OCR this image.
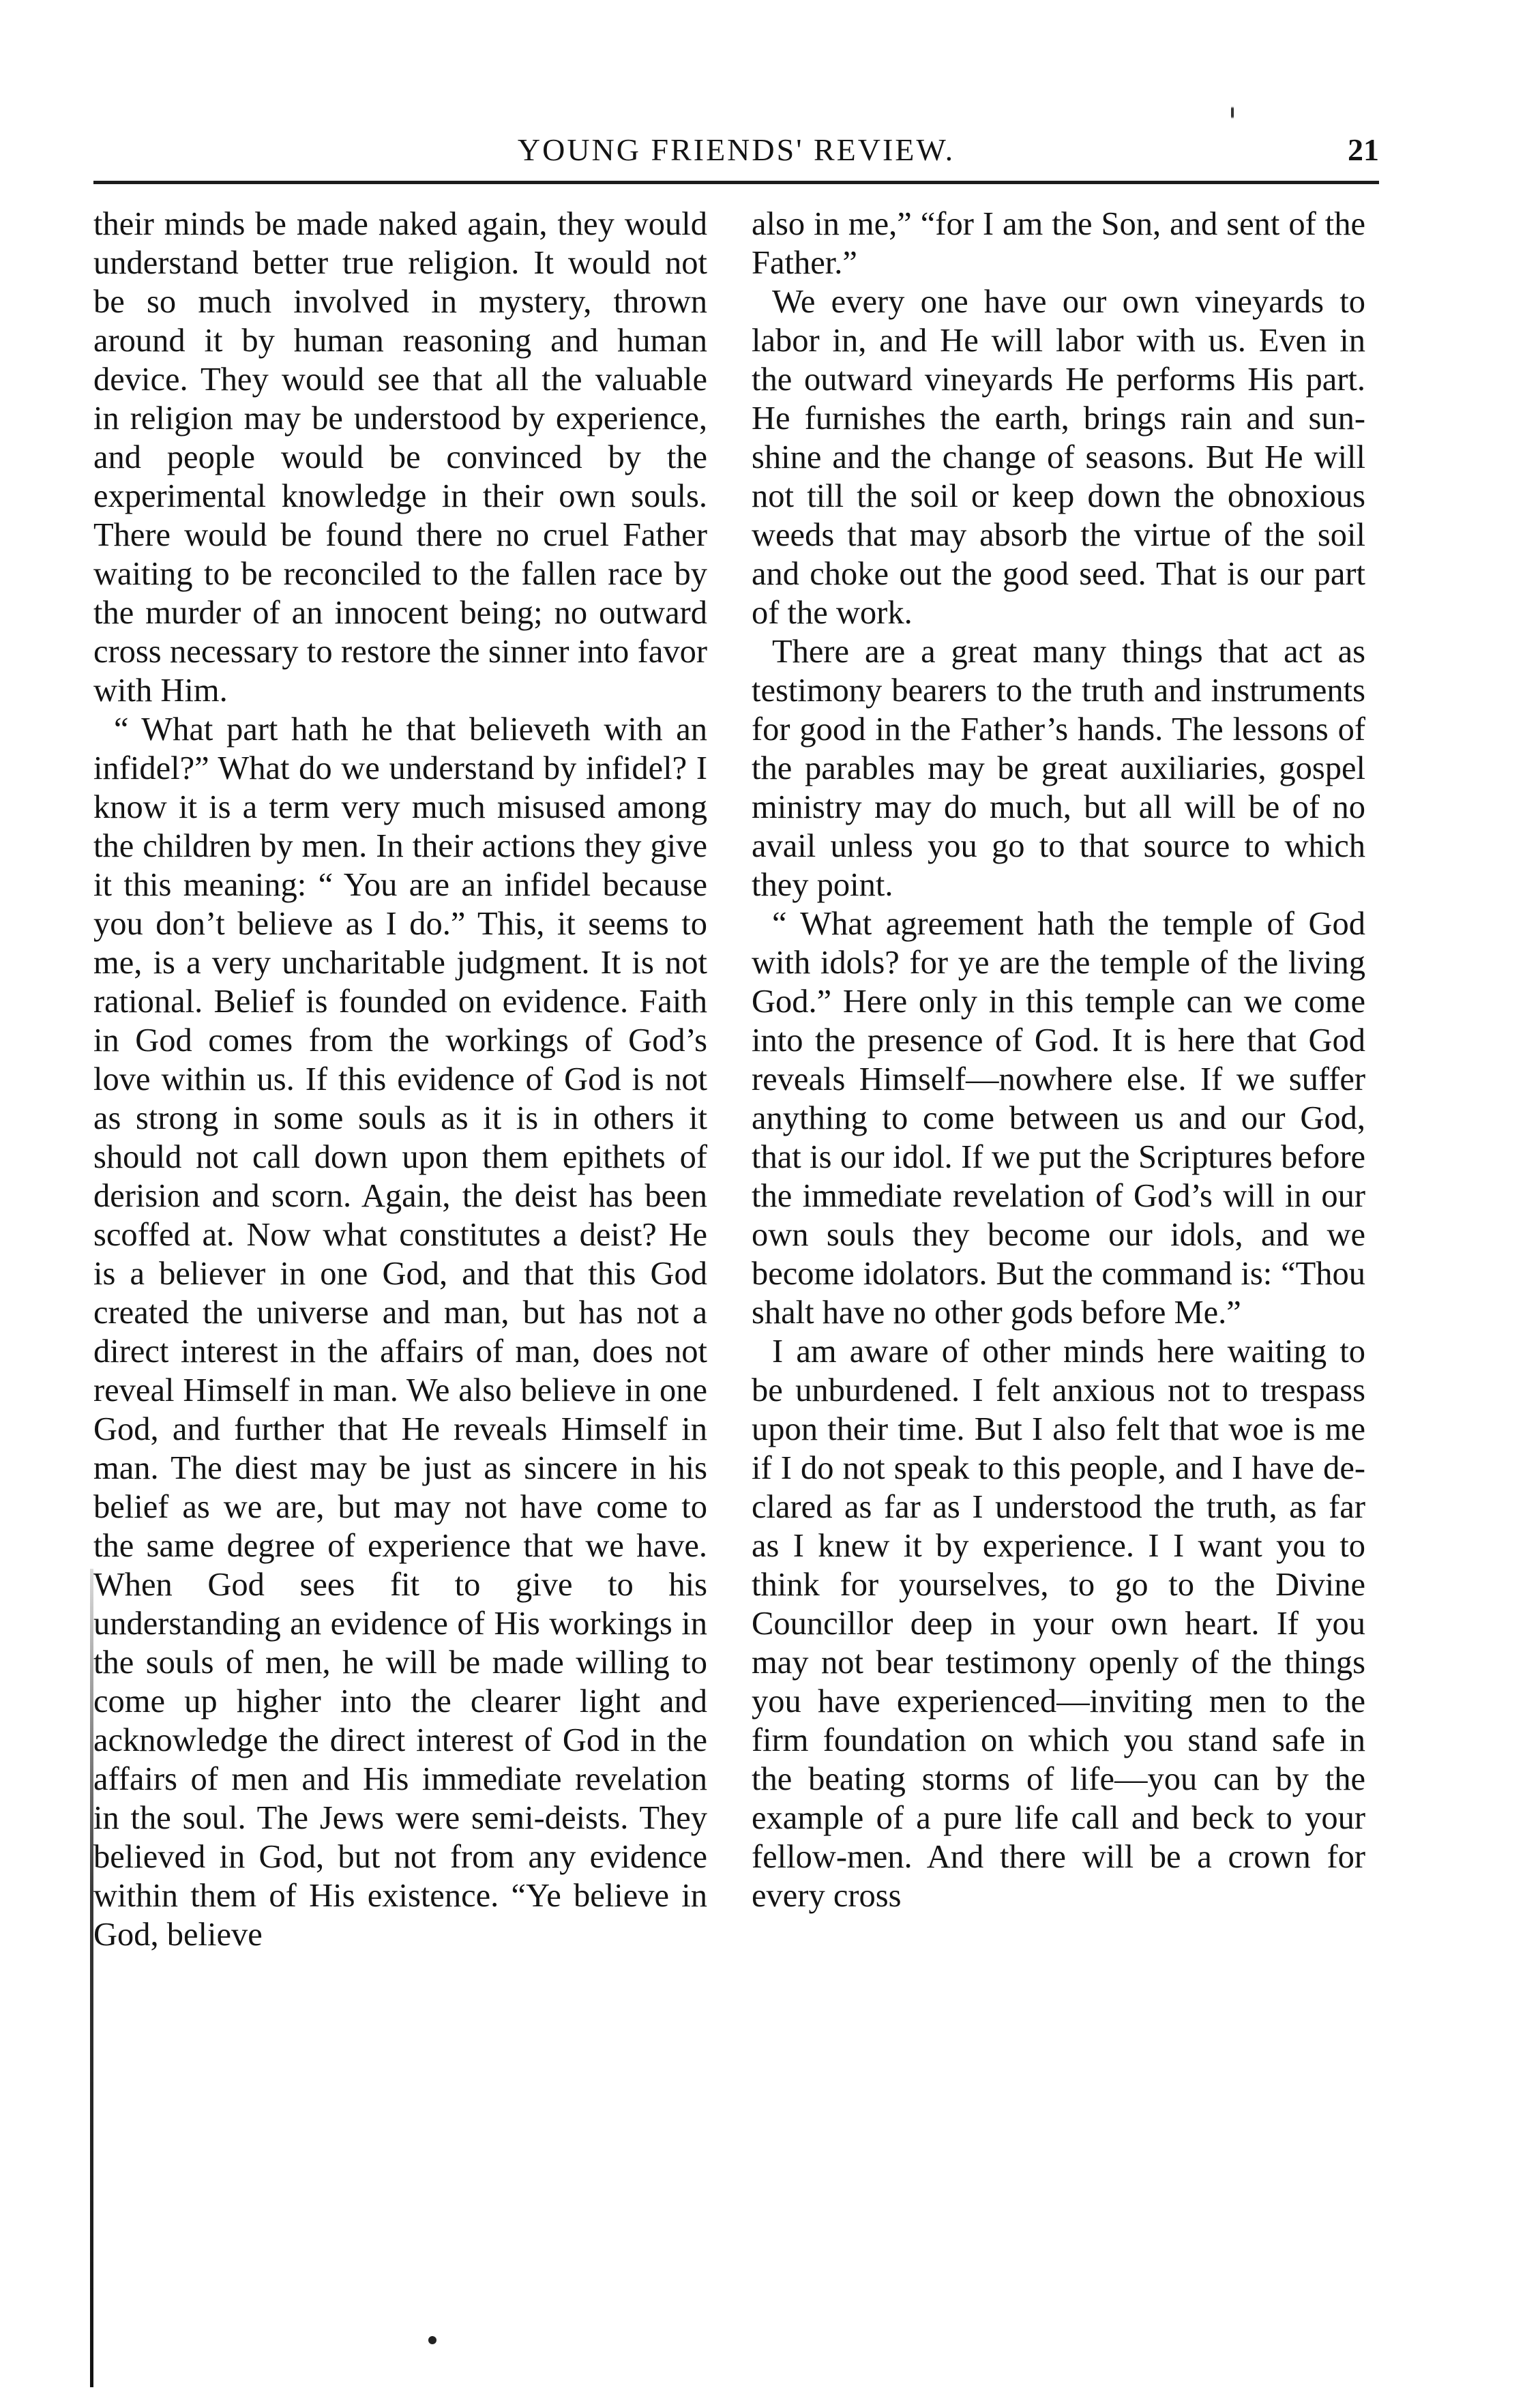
YOUNG FRIENDS' REVIEW.	21

their minds be made naked again, they would understand better true religion. It would not be so much involved in mystery, thrown around it by human reasoning and human device. They would see that all the valuable in religion may be understood by experience, and people would be convinced by the experimental knowledge in their own souls. There would be found there no cruel Father waiting to be reconciled to the fallen race by the murder of an innocent being; no outward cross necessary to restore the sinner into favor with Him.

“ What part hath he that believeth with an infidel?” What do we understand by infidel? I know it is a term very much misused among the children by men. In their actions they give it this meaning: “ You are an infidel because you don’t believe as I do.” This, it seems to me, is a very uncharitable judgment. It is not rational. Belief is founded on evidence. Faith in God comes from the workings of God’s love within us. If this evidence of God is not as strong in some souls as it is in others it should not call down upon them epithets of derision and scorn. Again, the deist has been scoffed at. Now what constitutes a deist? He is a believer in one God, and that this God created the universe and man, but has not a direct interest in the affairs of man, does not reveal Himself in man. We also believe in one God, and further that He reveals Himself in man. The diest may be just as sincere in his belief as we are, but may not have come to the same degree of experience that we have. When God sees fit to give to his understanding an evidence of His workings in the souls of men, he will be made willing to come up higher into the clearer light and acknowledge the direct interest of God in the affairs of men and His immediate revelation in the soul. The Jews were semi-deists. They believed in God, but not from any evidence within them of His existence. “Ye believe in God, believe

also in me,” “for I am the Son, and sent of the Father.”

We every one have our own vineyards to labor in, and He will labor with us. Even in the outward vineyards He performs His part. He furnishes the earth, brings rain and sunshine and the change of seasons. But He will not till the soil or keep down the obnoxious weeds that may absorb the virtue of the soil and choke out the good seed. That is our part of the work.

There are a great many things that act as testimony bearers to the truth and instruments for good in the Father’s hands. The lessons of the parables may be great auxiliaries, gospel ministry may do much, but all will be of no avail unless you go to that source to which they point.

“ What agreement hath the temple of God with idols? for ye are the temple of the living God.” Here only in this temple can we come into the presence of God. It is here that God reveals Himself—nowhere else. If we suffer anything to come between us and our God, that is our idol. If we put the Scriptures before the immediate revelation of God’s will in our own souls they become our idols, and we become idolators. But the command is: “Thou shalt have no other gods before Me.”

I am aware of other minds here waiting to be unburdened. I felt anxious not to trespass upon their time. But I also felt that woe is me if I do not speak to this people, and I have declared as far as I understood the truth, as far as I knew it by experience. I I want you to think for yourselves, to go to the Divine Councillor deep in your own heart. If you may not bear testimony openly of the things you have experienced—inviting men to the firm foundation on which you stand safe in the beating storms of life—you can by the example of a pure life call and beck to your fellow-men. And there will be a crown for every cross
